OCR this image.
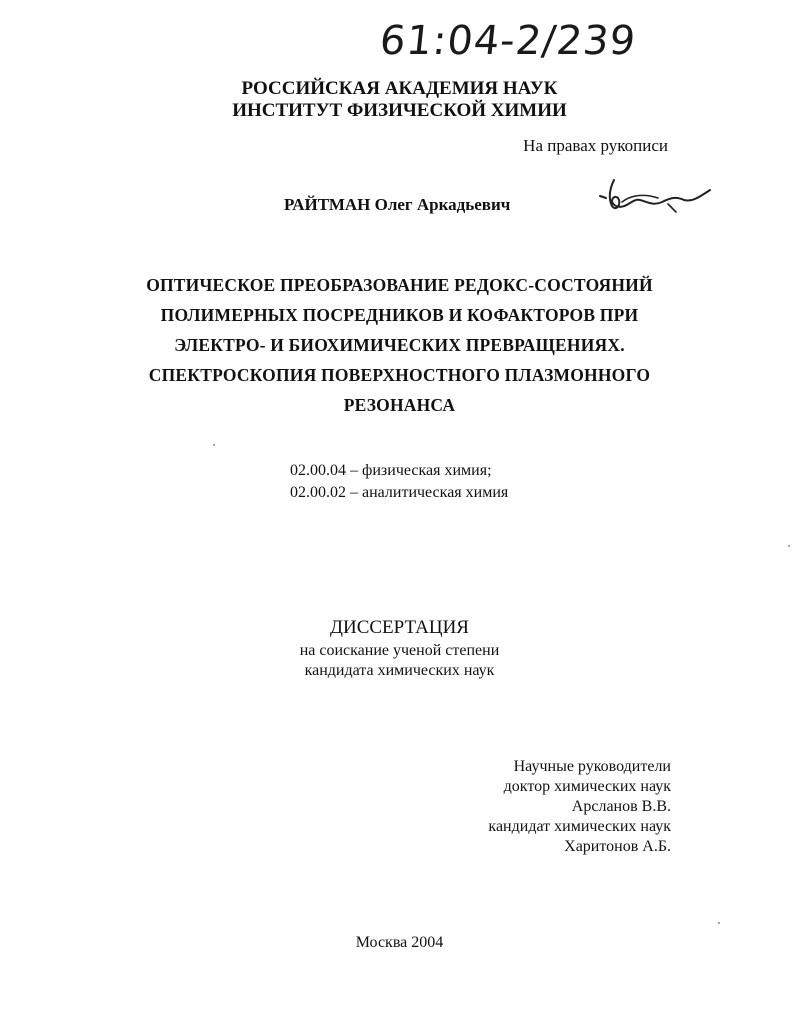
61:04-2/239
РОССИЙСКАЯ АКАДЕМИЯ НАУК
ИНСТИТУТ ФИЗИЧЕСКОЙ ХИМИИ
На правах рукописи
РАЙТМАН Олег Аркадьевич
ОПТИЧЕСКОЕ ПРЕОБРАЗОВАНИЕ РЕДОКС-СОСТОЯНИЙ
ПОЛИМЕРНЫХ ПОСРЕДНИКОВ И КОФАКТОРОВ ПРИ
ЭЛЕКТРО- И БИОХИМИЧЕСКИХ ПРЕВРАЩЕНИЯХ.
СПЕКТРОСКОПИЯ ПОВЕРХНОСТНОГО ПЛАЗМОННОГО
РЕЗОНАНСА
02.00.04 – физическая химия;
02.00.02 – аналитическая химия
ДИССЕРТАЦИЯ
на соискание ученой степени
кандидата химических наук
Научные руководители
доктор химических наук
Арсланов В.В.
кандидат химических наук
Харитонов А.Б.
Москва 2004
